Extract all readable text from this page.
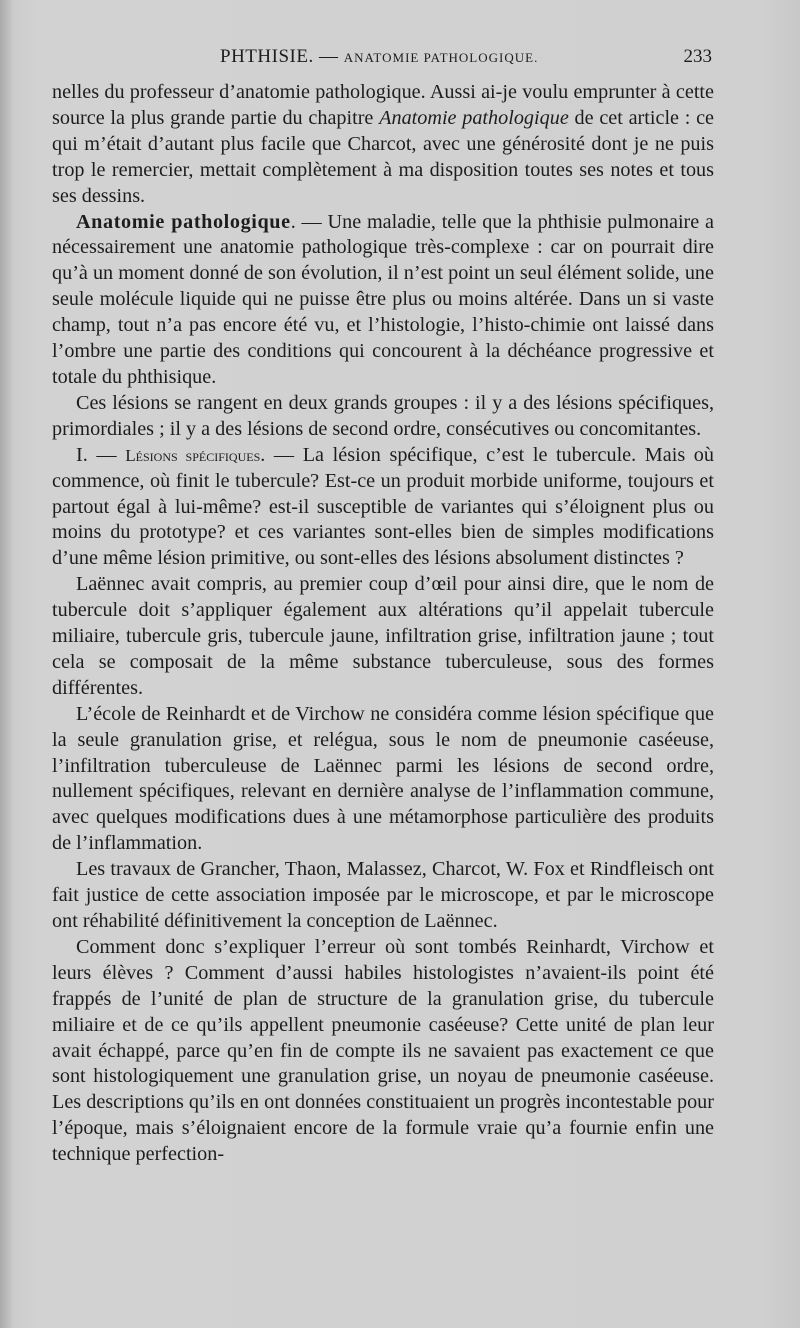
PHTHISIE. — ANATOMIE PATHOLOGIQUE.	233

nelles du professeur d’anatomie pathologique. Aussi ai-je voulu emprunter à cette source la plus grande partie du chapitre Anatomie pathologique de cet article : ce qui m’était d’autant plus facile que Charcot, avec une générosité dont je ne puis trop le remercier, mettait complètement à ma disposition toutes ses notes et tous ses dessins.

Anatomie pathologique. — Une maladie, telle que la phthisie pulmonaire a nécessairement une anatomie pathologique très-complexe : car on pourrait dire qu’à un moment donné de son évolution, il n’est point un seul élément solide, une seule molécule liquide qui ne puisse être plus ou moins altérée. Dans un si vaste champ, tout n’a pas encore été vu, et l’histologie, l’histo-chimie ont laissé dans l’ombre une partie des conditions qui concourent à la déchéance progressive et totale du phthisique.

Ces lésions se rangent en deux grands groupes : il y a des lésions spécifiques, primordiales ; il y a des lésions de second ordre, consécutives ou concomitantes.

I. — Lésions spécifiques. — La lésion spécifique, c’est le tubercule. Mais où commence, où finit le tubercule? Est-ce un produit morbide uniforme, toujours et partout égal à lui-même? est-il susceptible de variantes qui s’éloignent plus ou moins du prototype? et ces variantes sont-elles bien de simples modifications d’une même lésion primitive, ou sont-elles des lésions absolument distinctes ?

Laënnec avait compris, au premier coup d’œil pour ainsi dire, que le nom de tubercule doit s’appliquer également aux altérations qu’il appelait tubercule miliaire, tubercule gris, tubercule jaune, infiltration grise, infiltration jaune ; tout cela se composait de la même substance tuberculeuse, sous des formes différentes.

L’école de Reinhardt et de Virchow ne considéra comme lésion spécifique que la seule granulation grise, et relégua, sous le nom de pneumonie caséeuse, l’infiltration tuberculeuse de Laënnec parmi les lésions de second ordre, nullement spécifiques, relevant en dernière analyse de l’inflammation commune, avec quelques modifications dues à une métamorphose particulière des produits de l’inflammation.

Les travaux de Grancher, Thaon, Malassez, Charcot, W. Fox et Rindfleisch ont fait justice de cette association imposée par le microscope, et par le microscope ont réhabilité définitivement la conception de Laënnec.

Comment donc s’expliquer l’erreur où sont tombés Reinhardt, Virchow et leurs élèves ? Comment d’aussi habiles histologistes n’avaient-ils point été frappés de l’unité de plan de structure de la granulation grise, du tubercule miliaire et de ce qu’ils appellent pneumonie caséeuse? Cette unité de plan leur avait échappé, parce qu’en fin de compte ils ne savaient pas exactement ce que sont histologiquement une granulation grise, un noyau de pneumonie caséeuse. Les descriptions qu’ils en ont données constituaient un progrès incontestable pour l’époque, mais s’éloignaient encore de la formule vraie qu’a fournie enfin une technique perfection-
